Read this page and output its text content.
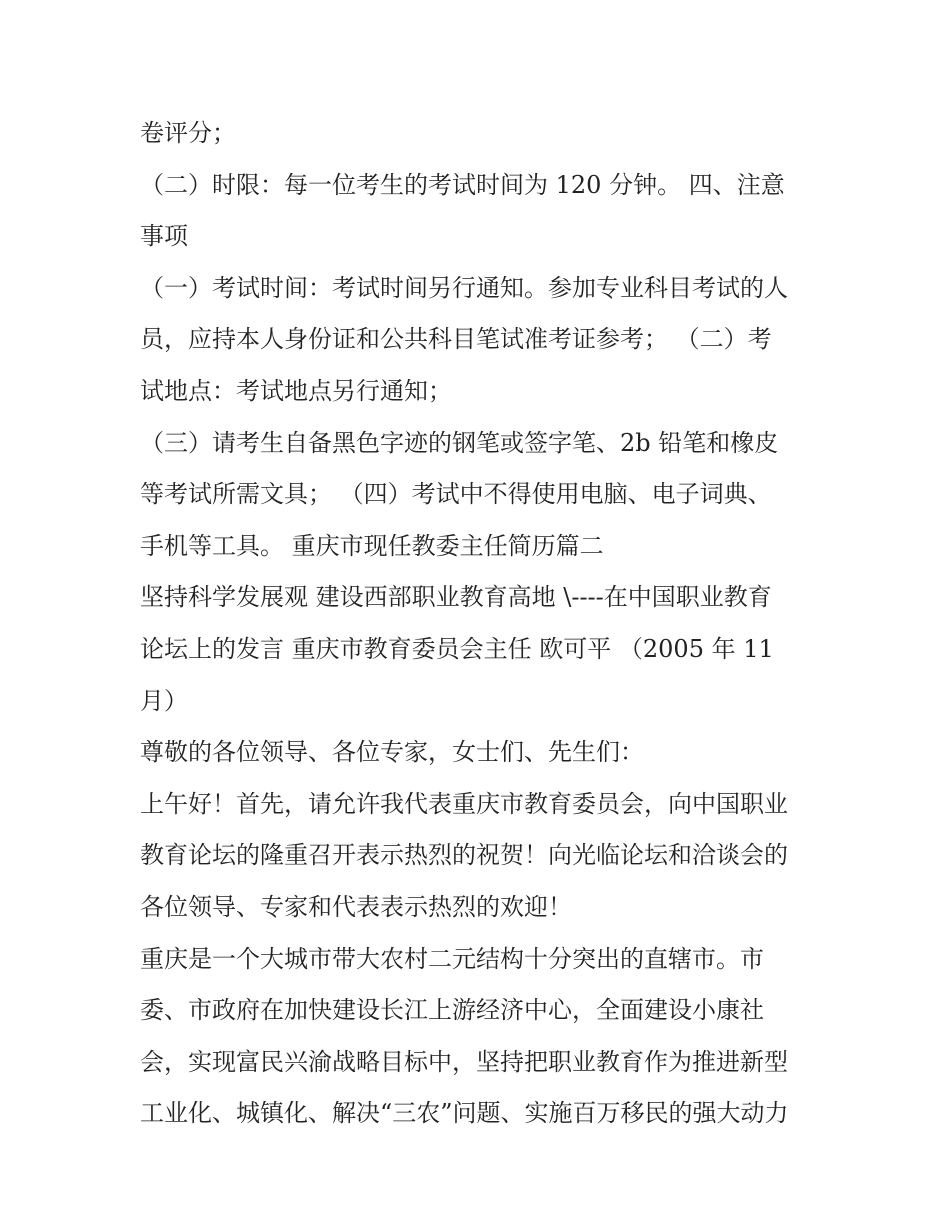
卷评分；
（二）时限：每一位考生的考试时间为 120 分钟。 四、注意
事项
（一）考试时间：考试时间另行通知。参加专业科目考试的人
员，应持本人身份证和公共科目笔试准考证参考； （二）考
试地点：考试地点另行通知；
（三）请考生自备黑色字迹的钢笔或签字笔、2b 铅笔和橡皮
等考试所需文具； （四）考试中不得使用电脑、电子词典、
手机等工具。 重庆市现任教委主任简历篇二
坚持科学发展观 建设西部职业教育高地 \----在中国职业教育
论坛上的发言 重庆市教育委员会主任 欧可平 （2005 年 11
月）
尊敬的各位领导、各位专家，女士们、先生们：
上午好！首先，请允许我代表重庆市教育委员会，向中国职业
教育论坛的隆重召开表示热烈的祝贺！向光临论坛和洽谈会的
各位领导、专家和代表表示热烈的欢迎！
重庆是一个大城市带大农村二元结构十分突出的直辖市。市
委、市政府在加快建设长江上游经济中心，全面建设小康社
会，实现富民兴渝战略目标中，坚持把职业教育作为推进新型
工业化、城镇化、解决“三农”问题、实施百万移民的强大动力
